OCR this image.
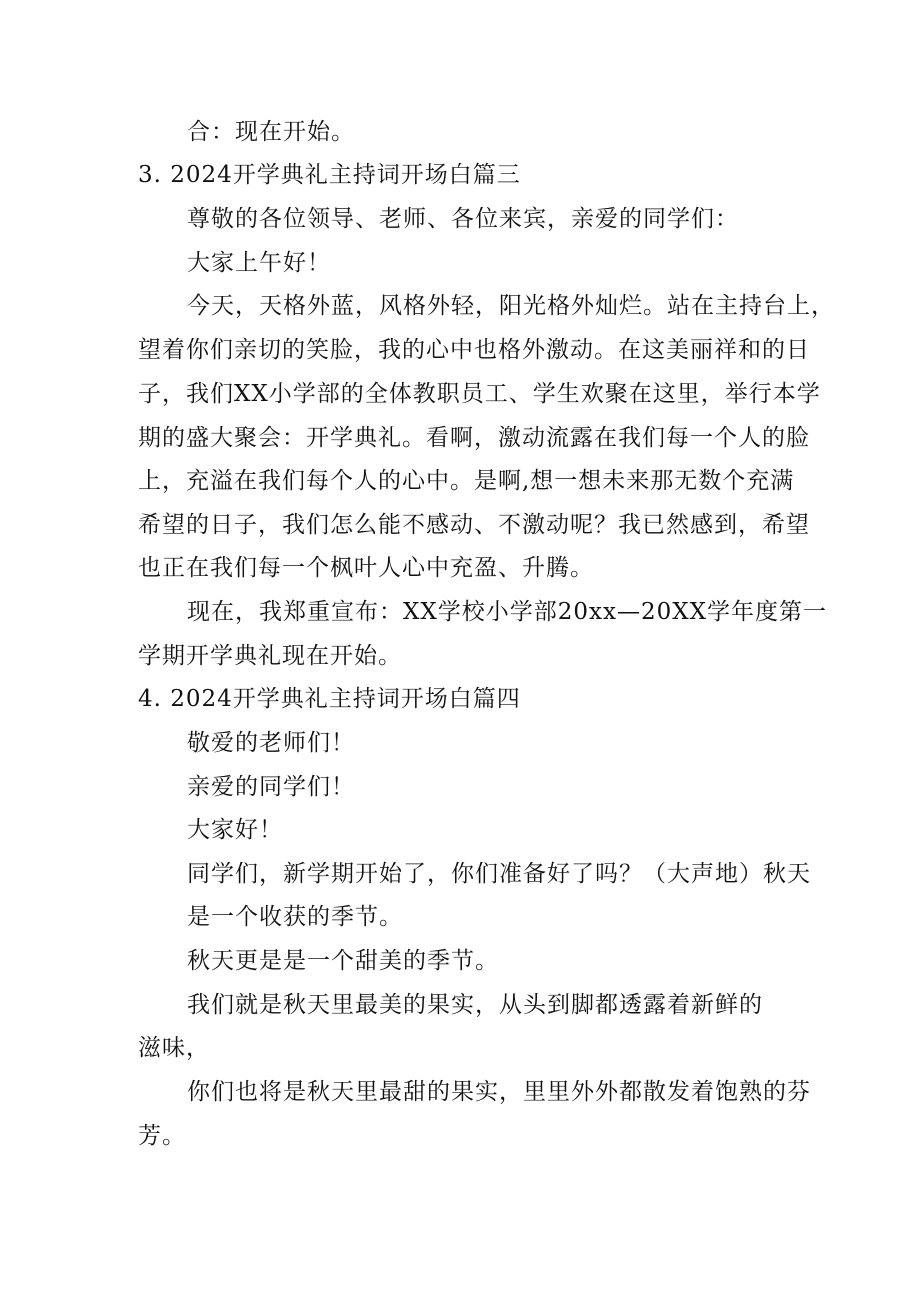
合：现在开始。
3. 2024开学典礼主持词开场白篇三
尊敬的各位领导、老师、各位来宾，亲爱的同学们：
大家上午好！
今天，天格外蓝，风格外轻，阳光格外灿烂。站在主持台上，
望着你们亲切的笑脸，我的心中也格外激动。在这美丽祥和的日
子，我们XX小学部的全体教职员工、学生欢聚在这里，举行本学
期的盛大聚会：开学典礼。看啊，激动流露在我们每一个人的脸
上，充溢在我们每个人的心中。是啊,想一想未来那无数个充满
希望的日子，我们怎么能不感动、不激动呢？我已然感到，希望
也正在我们每一个枫叶人心中充盈、升腾。
现在，我郑重宣布：XX学校小学部20xx—20XX学年度第一
学期开学典礼现在开始。
4. 2024开学典礼主持词开场白篇四
敬爱的老师们！
亲爱的同学们！
大家好！
同学们，新学期开始了，你们准备好了吗？（大声地）秋天
是一个收获的季节。
秋天更是是一个甜美的季节。
我们就是秋天里最美的果实，从头到脚都透露着新鲜的
滋味，
你们也将是秋天里最甜的果实，里里外外都散发着饱熟的芬
芳。
